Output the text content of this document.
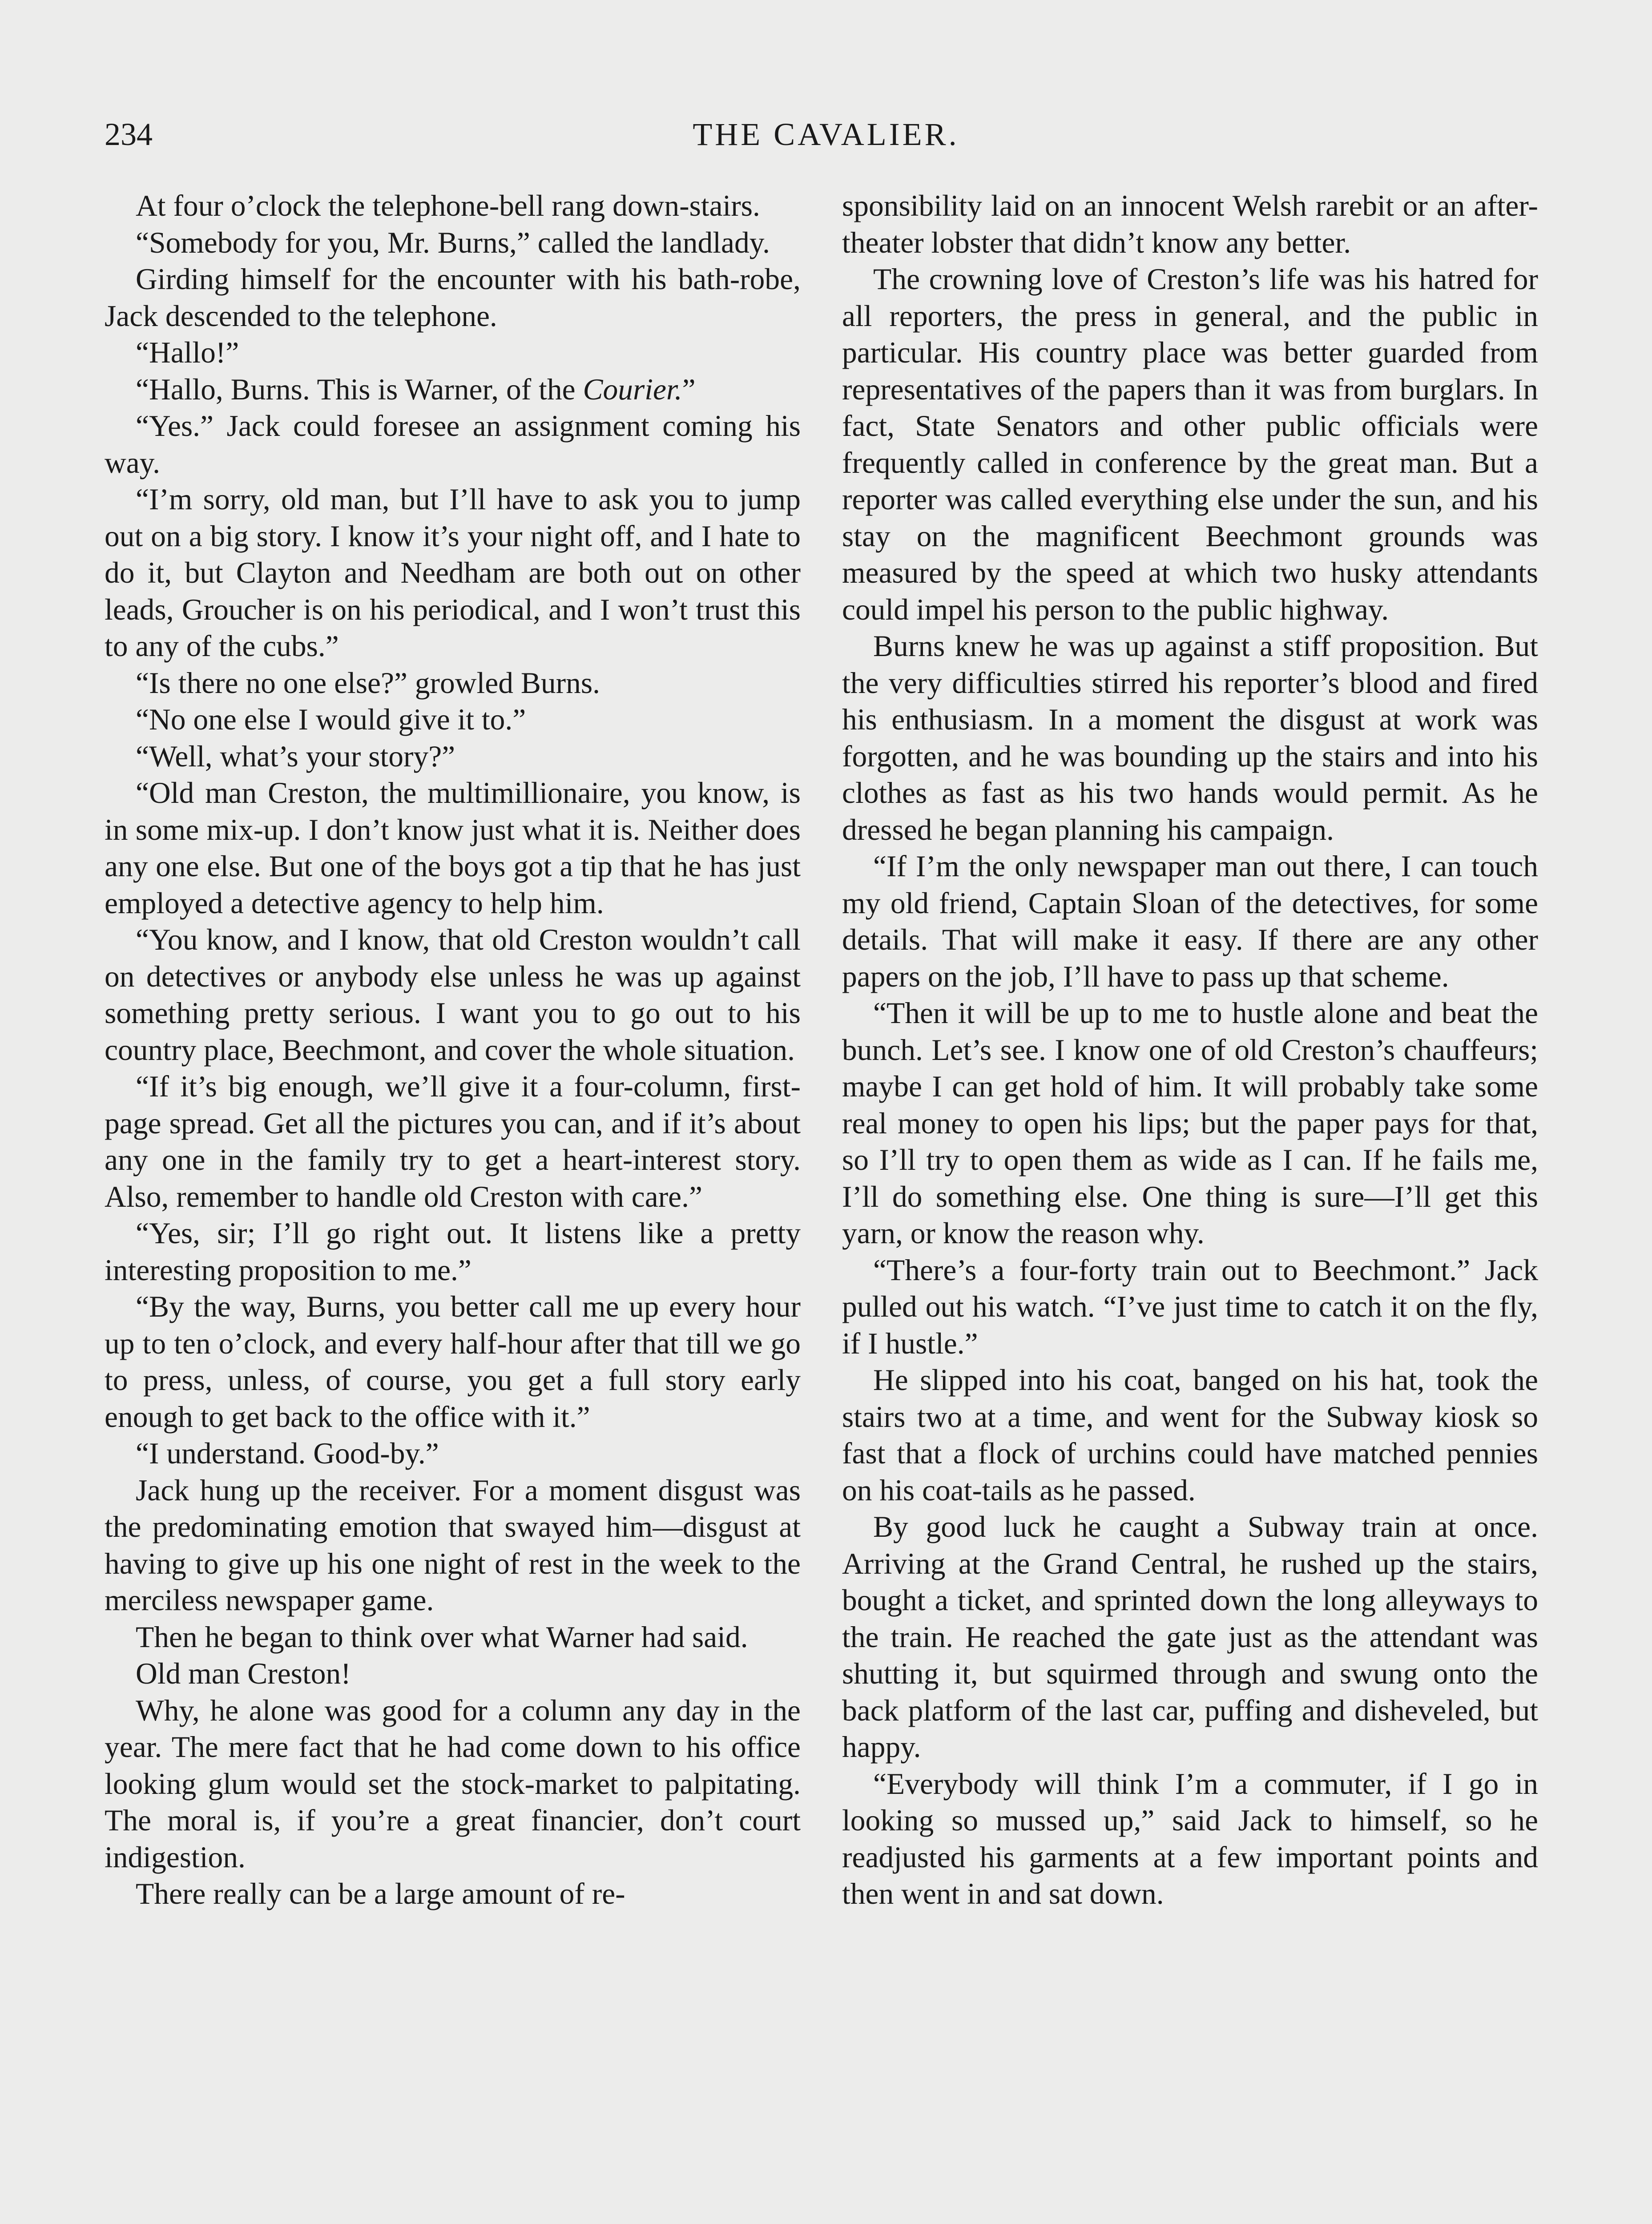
234	THE CAVALIER.

At four o’clock the telephone-bell rang down-stairs.

“Somebody for you, Mr. Burns,” called the landlady.

Girding himself for the encounter with his bath-robe, Jack descended to the telephone.

“Hallo!”

“Hallo, Burns. This is Warner, of the Courier.”

“Yes.” Jack could foresee an assignment coming his way.

“I’m sorry, old man, but I’ll have to ask you to jump out on a big story. I know it’s your night off, and I hate to do it, but Clayton and Needham are both out on other leads, Groucher is on his periodical, and I won’t trust this to any of the cubs.”

“Is there no one else?” growled Burns.

“No one else I would give it to.”

“Well, what’s your story?”

“Old man Creston, the multimillionaire, you know, is in some mix-up. I don’t know just what it is. Neither does any one else. But one of the boys got a tip that he has just employed a detective agency to help him.

“You know, and I know, that old Creston wouldn’t call on detectives or anybody else unless he was up against something pretty serious. I want you to go out to his country place, Beechmont, and cover the whole situation.

“If it’s big enough, we’ll give it a four-column, first-page spread. Get all the pictures you can, and if it’s about any one in the family try to get a heart-interest story. Also, remember to handle old Creston with care.”

“Yes, sir; I’ll go right out. It listens like a pretty interesting proposition to me.”

“By the way, Burns, you better call me up every hour up to ten o’clock, and every half-hour after that till we go to press, unless, of course, you get a full story early enough to get back to the office with it.”

“I understand. Good-by.”

Jack hung up the receiver. For a moment disgust was the predominating emotion that swayed him—disgust at having to give up his one night of rest in the week to the merciless newspaper game.

Then he began to think over what Warner had said.

Old man Creston!

Why, he alone was good for a column any day in the year. The mere fact that he had come down to his office looking glum would set the stock-market to palpitating. The moral is, if you’re a great financier, don’t court indigestion.

There really can be a large amount of re-

sponsibility laid on an innocent Welsh rarebit or an after-theater lobster that didn’t know any better.

The crowning love of Creston’s life was his hatred for all reporters, the press in general, and the public in particular. His country place was better guarded from representatives of the papers than it was from burglars. In fact, State Senators and other public officials were frequently called in conference by the great man. But a reporter was called everything else under the sun, and his stay on the magnificent Beechmont grounds was measured by the speed at which two husky attendants could impel his person to the public highway.

Burns knew he was up against a stiff proposition. But the very difficulties stirred his reporter’s blood and fired his enthusiasm. In a moment the disgust at work was forgotten, and he was bounding up the stairs and into his clothes as fast as his two hands would permit. As he dressed he began planning his campaign.

“If I’m the only newspaper man out there, I can touch my old friend, Captain Sloan of the detectives, for some details. That will make it easy. If there are any other papers on the job, I’ll have to pass up that scheme.

“Then it will be up to me to hustle alone and beat the bunch. Let’s see. I know one of old Creston’s chauffeurs; maybe I can get hold of him. It will probably take some real money to open his lips; but the paper pays for that, so I’ll try to open them as wide as I can. If he fails me, I’ll do something else. One thing is sure—I’ll get this yarn, or know the reason why.

“There’s a four-forty train out to Beechmont.” Jack pulled out his watch. “I’ve just time to catch it on the fly, if I hustle.”

He slipped into his coat, banged on his hat, took the stairs two at a time, and went for the Subway kiosk so fast that a flock of urchins could have matched pennies on his coat-tails as he passed.

By good luck he caught a Subway train at once. Arriving at the Grand Central, he rushed up the stairs, bought a ticket, and sprinted down the long alleyways to the train. He reached the gate just as the attendant was shutting it, but squirmed through and swung onto the back platform of the last car, puffing and disheveled, but happy.

“Everybody will think I’m a commuter, if I go in looking so mussed up,” said Jack to himself, so he readjusted his garments at a few important points and then went in and sat down.
